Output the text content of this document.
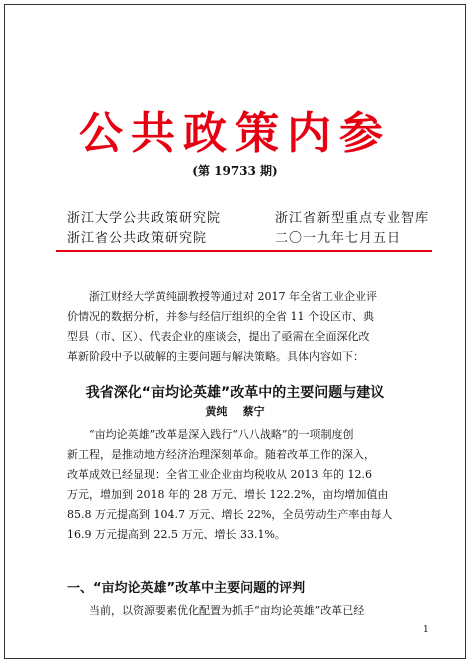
公共政策内参
(第 19733 期)
浙江大学公共政策研究院
浙江省公共政策研究院
浙江省新型重点专业智库
二〇一九年七月五日
浙江财经大学黄纯副教授等通过对 2017 年全省工业企业评
价情况的数据分析，并参与经信厅组织的全省 11 个设区市、典
型县（市、区）、代表企业的座谈会，提出了亟需在全面深化改
革新阶段中予以破解的主要问题与解决策略。具体内容如下：
我省深化“亩均论英雄”改革中的主要问题与建议
黄纯    蔡宁
“亩均论英雄”改革是深入践行“八八战略”的一项制度创
新工程，是推动地方经济治理深刻革命。随着改革工作的深入，
改革成效已经显现：全省工业企业亩均税收从 2013 年的 12.6
万元，增加到 2018 年的 28 万元、增长 122.2%，亩均增加值由
85.8 万元提高到 104.7 万元、增长 22%，全员劳动生产率由每人
16.9 万元提高到 22.5 万元、增长 33.1%。
一、“亩均论英雄”改革中主要问题的评判
当前，以资源要素优化配置为抓手“亩均论英雄”改革已经
1
